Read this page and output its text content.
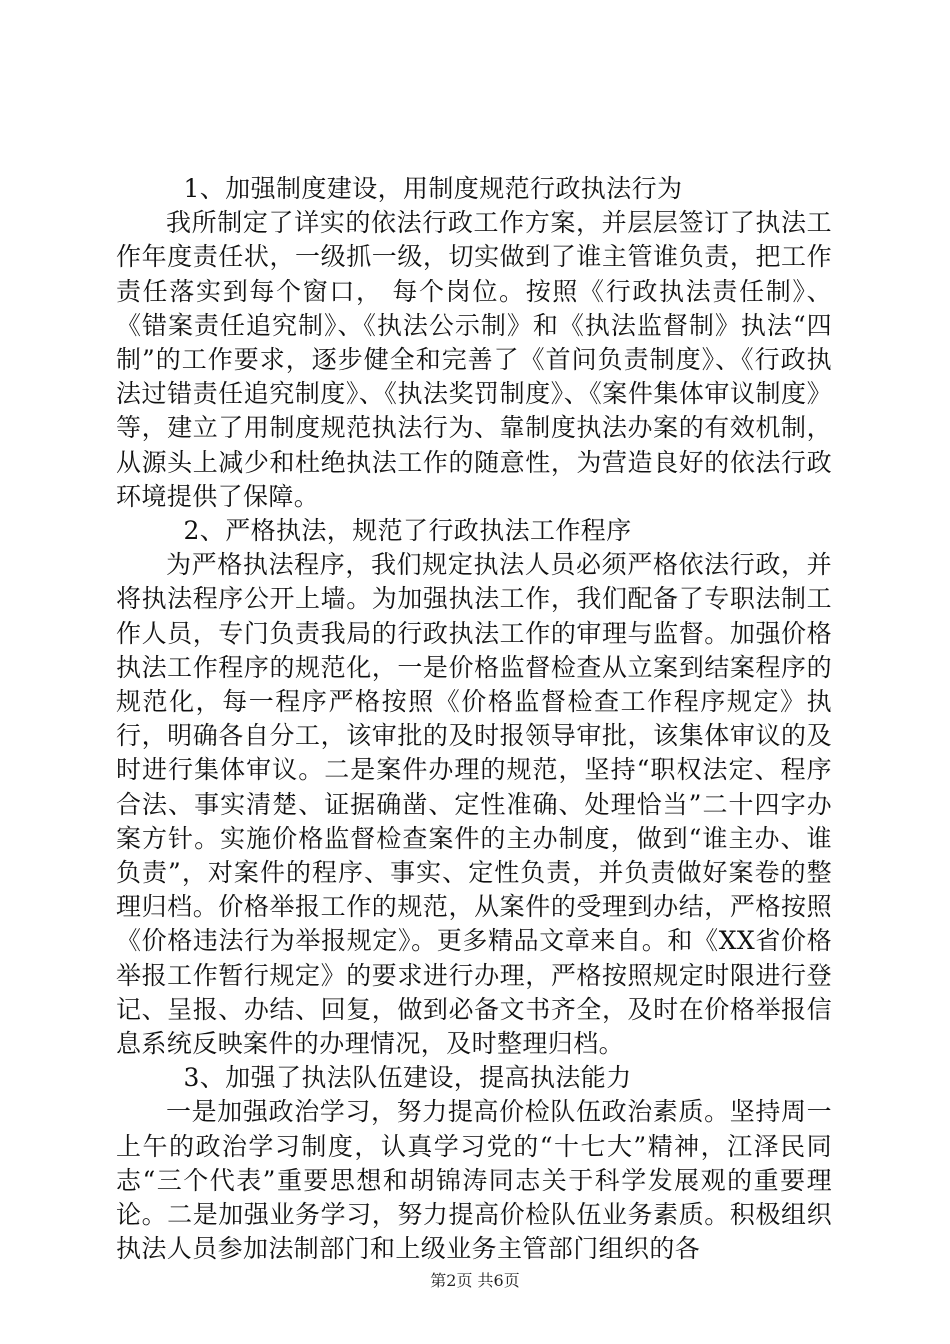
1、加强制度建设，用制度规范行政执法行为

我所制定了详实的依法行政工作方案，并层层签订了执法工作年度责任状，一级抓一级，切实做到了谁主管谁负责，把工作责任落实到每个窗口， 每个岗位。按照《行政执法责任制》、《错案责任追究制》、《执法公示制》和《执法监督制》执法“四制”的工作要求，逐步健全和完善了《首问负责制度》、《行政执法过错责任追究制度》、《执法奖罚制度》、《案件集体审议制度》等，建立了用制度规范执法行为、靠制度执法办案的有效机制，从源头上减少和杜绝执法工作的随意性，为营造良好的依法行政环境提供了保障。

2、严格执法，规范了行政执法工作程序

为严格执法程序，我们规定执法人员必须严格依法行政，并将执法程序公开上墙。为加强执法工作，我们配备了专职法制工作人员，专门负责我局的行政执法工作的审理与监督。加强价格执法工作程序的规范化，一是价格监督检查从立案到结案程序的规范化，每一程序严格按照《价格监督检查工作程序规定》执行，明确各自分工，该审批的及时报领导审批，该集体审议的及时进行集体审议。二是案件办理的规范，坚持“职权法定、程序合法、事实清楚、证据确凿、定性准确、处理恰当”二十四字办案方针。实施价格监督检查案件的主办制度，做到“谁主办、谁负责”，对案件的程序、事实、定性负责，并负责做好案卷的整理归档。价格举报工作的规范，从案件的受理到办结，严格按照《价格违法行为举报规定》。更多精品文章来自。和《XX省价格举报工作暂行规定》的要求进行办理，严格按照规定时限进行登记、呈报、办结、回复，做到必备文书齐全，及时在价格举报信息系统反映案件的办理情况，及时整理归档。

3、加强了执法队伍建设，提高执法能力

一是加强政治学习，努力提高价检队伍政治素质。坚持周一上午的政治学习制度，认真学习党的“十七大”精神，江泽民同志“三个代表”重要思想和胡锦涛同志关于科学发展观的重要理论。二是加强业务学习，努力提高价检队伍业务素质。积极组织执法人员参加法制部门和上级业务主管部门组织的各

第2页 共6页
